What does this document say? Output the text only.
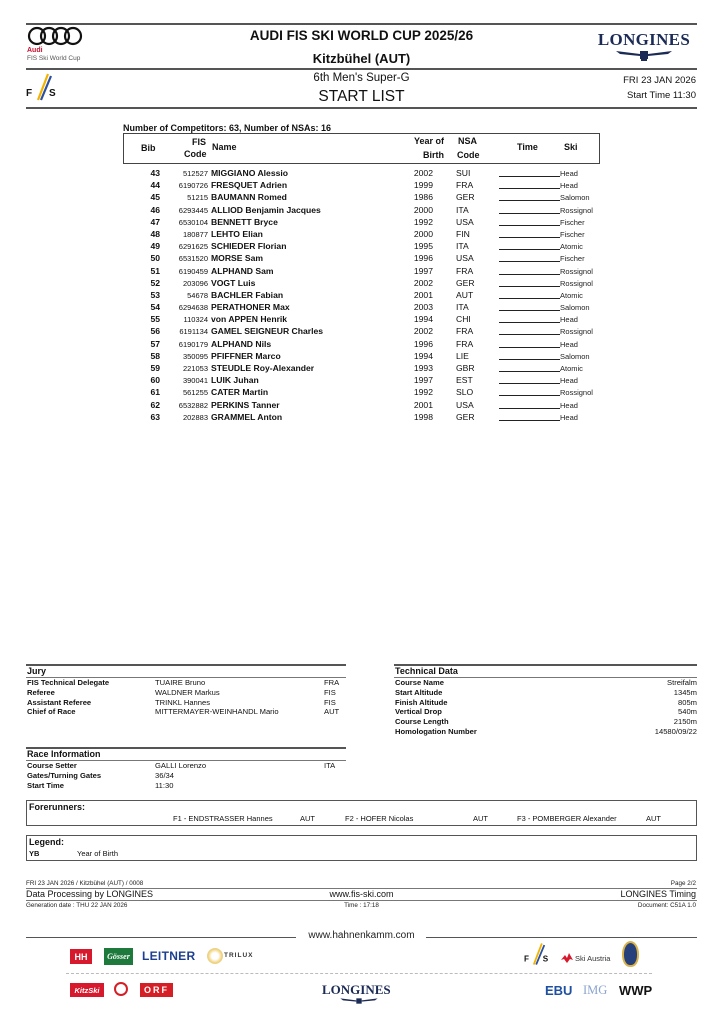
Audi
FIS Ski World Cup
AUDI FIS SKI WORLD CUP 2025/26
Kitzbühel (AUT)
LONGINES
F S
6th Men's Super-G
START LIST
FRI 23 JAN 2026
Start Time 11:30
Number of Competitors: 63, Number of NSAs: 16
Bib
FIS
Code
Name
Year of
Birth
NSA
Code
Time	Ski
43	512527 MIGGIANO Alessio	2002	SUI	Head
44	6190726 FRESQUET Adrien	1999	FRA	Head
45	51215 BAUMANN Romed	1986	GER	Salomon
46	6293445 ALLIOD Benjamin Jacques	2000	ITA	Rossignol
47	6530104 BENNETT Bryce	1992	USA	Fischer
48	180877 LEHTO Elian	2000	FIN	Fischer
49	6291625 SCHIEDER Florian	1995	ITA	Atomic
50	6531520 MORSE Sam	1996	USA	Fischer
51	6190459 ALPHAND Sam	1997	FRA	Rossignol
52	203096 VOGT Luis	2002	GER	Rossignol
53	54678 BACHLER Fabian	2001	AUT	Atomic
54	6294638 PERATHONER Max	2003	ITA	Salomon
55	110324 von APPEN Henrik	1994	CHI	Head
56	6191134 GAMEL SEIGNEUR Charles	2002	FRA	Rossignol
57	6190179 ALPHAND Nils	1996	FRA	Head
58	350095 PFIFFNER Marco	1994	LIE	Salomon
59	221053 STEUDLE Roy-Alexander	1993	GBR	Atomic
60	390041 LUIK Juhan	1997	EST	Head
61	561255 CATER Martin	1992	SLO	Rossignol
62	6532882 PERKINS Tanner	2001	USA	Head
63	202883 GRAMMEL Anton	1998	GER	Head
Jury	Technical Data
Race Information
Forerunners:
F1 - ENDSTRASSER Hannes	AUT	F2 - HOFER Nicolas	AUT	F3 - POMBERGER Alexander	AUT
Legend:
YB	Year of Birth
FRI 23 JAN 2026 / Kitzbühel (AUT) / 0008	Page 2/2
Data Processing by LONGINES	www.fis-ski.com	LONGINES Timing
Generation date : THU 22 JAN 2026	Time : 17:18	Document: C51A 1.0
www.hahnenkamm.com
HH Gösser LEITNER	TRILUX	F S	Ski Austria
KitzSki	ORF	LONGINES	EBU IMG WWP
FIS Technical Delegate	TUAIRE Bruno	FRA
Referee	WALDNER Markus	FIS
Assistant Referee	TRINKL Hannes	FIS
Chief of Race	MITTERMAYER-WEINHANDL Mario	AUT
Course Name	Streifalm
Start Altitude	1345m
Finish Altitude	805m
Vertical Drop	540m
Course Length	2150m
Homologation Number	14580/09/22
Course Setter	GALLI Lorenzo	ITA
Gates/Turning Gates	36/34
Start Time	11:30
